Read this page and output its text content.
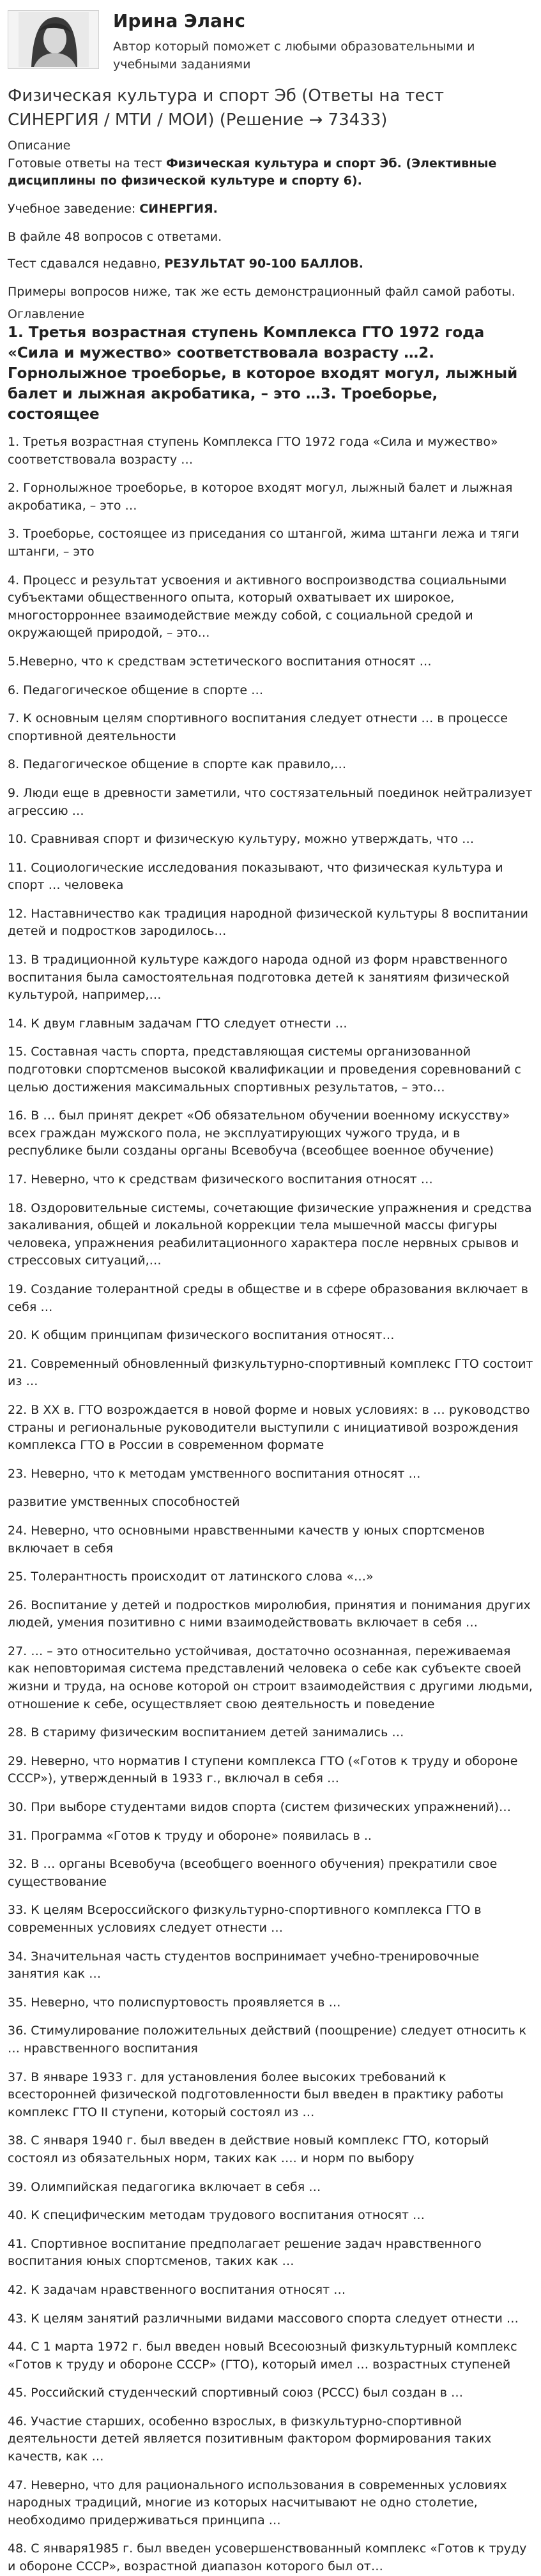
Ирина Эланс
Автор который поможет с любыми образовательными и учебными заданиями
Физическая культура и спорт Эб (Ответы на тест СИНЕРГИЯ / МТИ / МОИ) (Решение → 73433)
Описание

Готовые ответы на тест Физическая культура и спорт Эб. (Элективные дисциплины по физической культуре и спорту 6).

Учебное заведение: СИНЕРГИЯ.

В файле 48 вопросов с ответами.

Тест сдавался недавно, РЕЗУЛЬТАТ 90-100 БАЛЛОВ.

Примеры вопросов ниже, так же есть демонстрационный файл самой работы.

Оглавление
1. Третья возрастная ступень Комплекса ГТО 1972 года «Сила и мужество» соответствовала возрасту …2. Горнолыжное троеборье, в которое входят могул, лыжный балет и лыжная акробатика, – это …3. Троеборье, состоящее

1. Третья возрастная ступень Комплекса ГТО 1972 года «Сила и мужество» соответствовала возрасту …

2. Горнолыжное троеборье, в которое входят могул, лыжный балет и лыжная акробатика, – это …

3. Троеборье, состоящее из приседания со штангой, жима штанги лежа и тяги штанги, – это

4. Процесс и результат усвоения и активного воспроизводства социальными субъектами общественного опыта, который охватывает их широкое, многосторроннее взаимодействие между собой, с социальной средой и окружающей природой, – это…

5.Неверно, что к средствам эстетического воспитания относят …

6. Педагогическое общение в спорте …

7. К основным целям спортивного воспитания следует отнести … в процессе спортивной деятельности

8. Педагогическое общение в спорте как правило,…

9. Люди еще в древности заметили, что состязательный поединок нейтрализует агрессию …

10. Сравнивая спорт и физическую культуру, можно утверждать, что …

11. Социологические исследования показывают, что физическая культура и спорт … человека

12. Наставничество как традиция народной физической культуры 8 воспитании детей и подростков зародилось…

13. В традиционной культуре каждого народа одной из форм нравственного воспитания была самостоятельная подготовка детей к занятиям физической культурой, например,…

14. К двум главным задачам ГТО следует отнести …

15. Составная часть спорта, представляющая системы организованной подготовки спортсменов высокой квалификации и проведения соревнований с целью достижения максимальных спортивных результатов, – это…

16. В … был принят декрет «Об обязательном обучении военному искусству» всех граждан мужского пола, не эксплуатирующих чужого труда, и в республике были созданы органы Всевобуча (всеобщее военное обучение)

17. Неверно, что к средствам физического воспитания относят …

18. Оздоровительные системы, сочетающие физические упражнения и средства закаливания, общей и локальной коррекции тела мышечной массы фигуры человека, упражнения реабилитационного характера после нервных срывов и стрессовых ситуаций,…

19. Создание толерантной среды в обществе и в сфере образования включает в себя …

20. К общим принципам физического воспитания относят…

21. Современный обновленный физкультурно-спортивный комплекс ГТО состоит из …

22. В XX в. ГТО возрождается в новой форме и новых условиях: в … руководство страны и региональные руководители выступили с инициативой возрождения комплекса ГТО в России в современном формате

23. Неверно, что к методам умственного воспитания относят …

развитие умственных способностей

24. Неверно, что основными нравственными качеств у юных спортсменов включает в себя

25. Толерантность происходит от латинского слова «…»

26. Воспитание у детей и подростков миролюбия, принятия и понимания других людей, умения позитивно с ними взаимодействовать включает в себя …

27. … – это относительно устойчивая, достаточно осознанная, переживаемая как неповторимая система представлений человека о себе как субъекте своей жизни и труда, на основе которой он строит взаимодействия с другими людьми, отношение к себе, осуществляет свою деятельность и поведение

28. В стариму физическим воспитанием детей занимались …

29. Неверно, что норматив I ступени комплекса ГТО («Готов к труду и обороне СССР»), утвержденный в 1933 г., включал в себя …

30. При выборе студентами видов спорта (систем физических упражнений)…

31. Программа «Готов к труду и обороне» появилась в ..

32. В … органы Всевобуча (всеобщего военного обучения) прекратили свое существование

33. К целям Всероссийского физкультурно-спортивного комплекса ГТО в современных условиях следует отнести …

34. Значительная часть студентов воспринимает учебно-тренировочные занятия как …

35. Неверно, что полиспуртовость проявляется в …

36. Стимулирование положительных действий (поощрение) следует относить к … нравственного воспитания

37. В январе 1933 г. для установления более высоких требований к всесторонней физической подготовленности был введен в практику работы комплекс ГТО II ступени, который состоял из …

38. С января 1940 г. был введен в действие новый комплекс ГТО, который состоял из обязательных норм, таких как …. и норм по выбору

39. Олимпийская педагогика включает в себя …

40. К специфическим методам трудового воспитания относят …

41. Спортивное воспитание предполагает решение задач нравственного воспитания юных спортсменов, таких как …

42. К задачам нравственного воспитания относят …

43. К целям занятий различными видами массового спорта следует отнести …

44. С 1 марта 1972 г. был введен новый Всесоюзный физкультурный комплекс «Готов к труду и обороне СССР» (ГТО), который имел … возрастных ступеней

45. Российский студенческий спортивный союз (РССС) был создан в …

46. Участие старших, особенно взрослых, в физкультурно-спортивной деятельности детей является позитивным фактором формирования таких качеств, как …

47. Неверно, что для рационального использования в современных условиях народных традиций, многие из которых насчитывают не одно столетие, необходимо придерживаться принципа …

48. С января1985 г. был введен усовершенствованный комплекс «Готов к труду и обороне СССР», возрастной диапазон которого был от…
